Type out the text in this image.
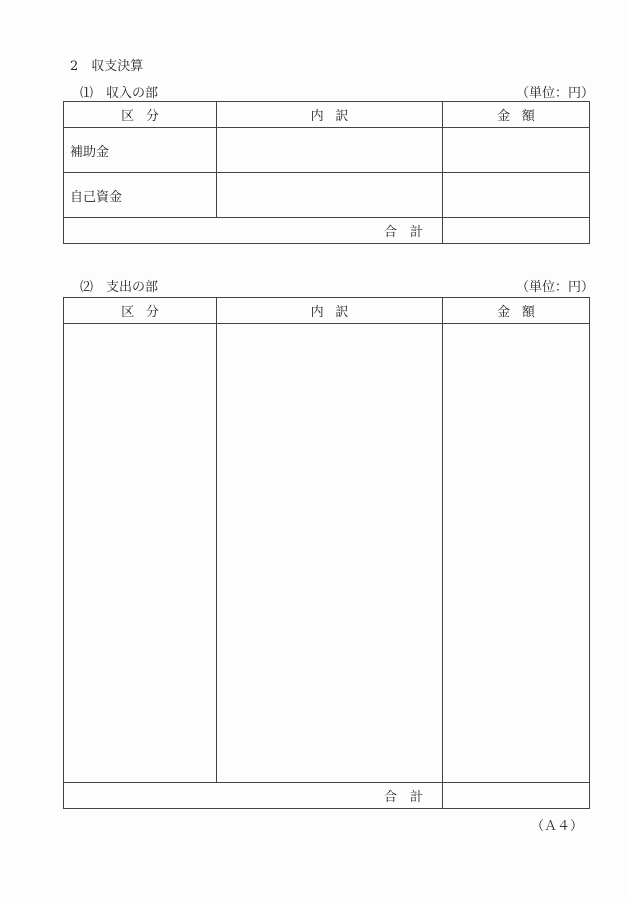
2　収支決算
⑴　収入の部	（単位：円）
区分	内訳	金額
補助金		
自己資金		
合計		
⑵　支出の部	（単位：円）
区分	内訳	金額

合計		
（Ａ４）
